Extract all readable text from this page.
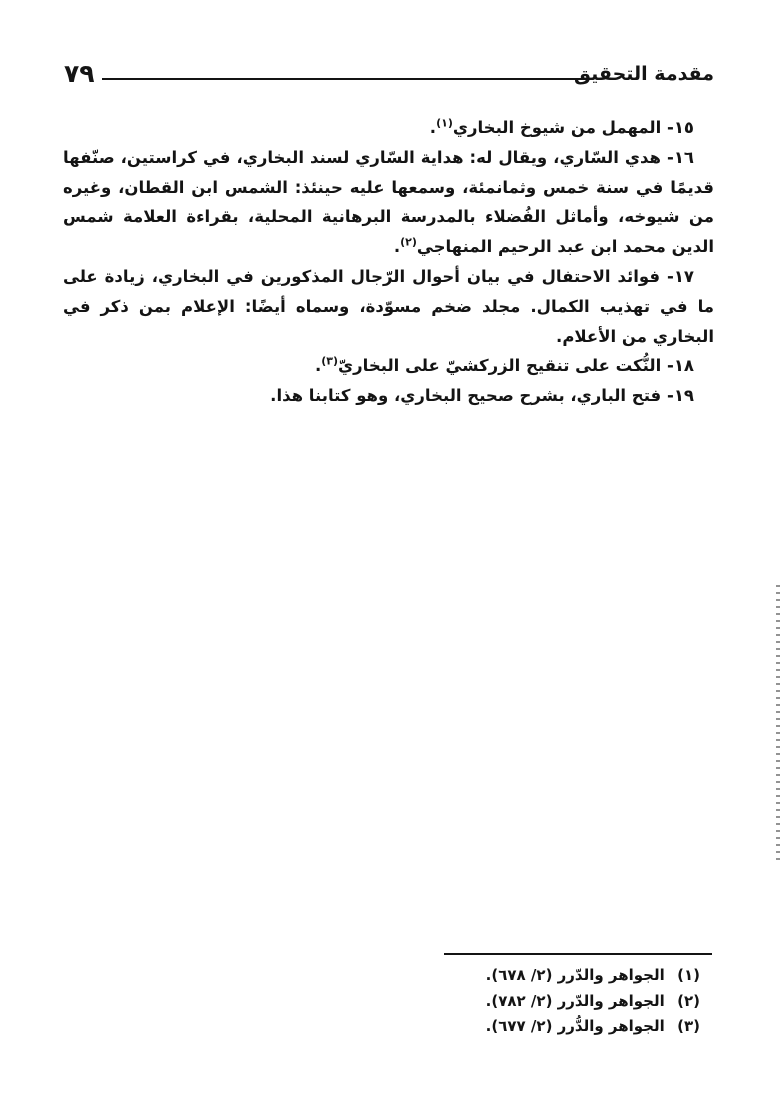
٧٩	مقدمة التحقيق

١٥- المهمل من شيوخ البخاري$^{(١)}$.

١٦- هدي السّاري، ويقال له: هداية السّاري لسند البخاري، في كراستين، صنّفها قديمًا في سنة خمس وثمانمئة، وسمعها عليه حينئذ: الشمس ابن القطان، وغيره من شيوخه، وأماثل الفُضلاء بالمدرسة البرهانية المحلية، بقراءة العلامة شمس الدين محمد ابن عبد الرحيم المنهاجي$^{(٢)}$.

١٧- فوائد الاحتفال في بيان أحوال الرّجال المذكورين في البخاري، زيادة على ما في تهذيب الكمال. مجلد ضخم مسوّدة، وسماه أيضًا: الإعلام بمن ذكر في البخاري من الأعلام.

١٨- النُّكت على تنقيح الزركشيّ على البخاريّ$^{(٣)}$.

١٩- فتح الباري، بشرح صحيح البخاري، وهو كتابنا هذا.

(١) الجواهر والدّرر (٢/ ٦٧٨).
(٢) الجواهر والدّرر (٢/ ٧٨٢).
(٣) الجواهر والدُّرر (٢/ ٦٧٧).
